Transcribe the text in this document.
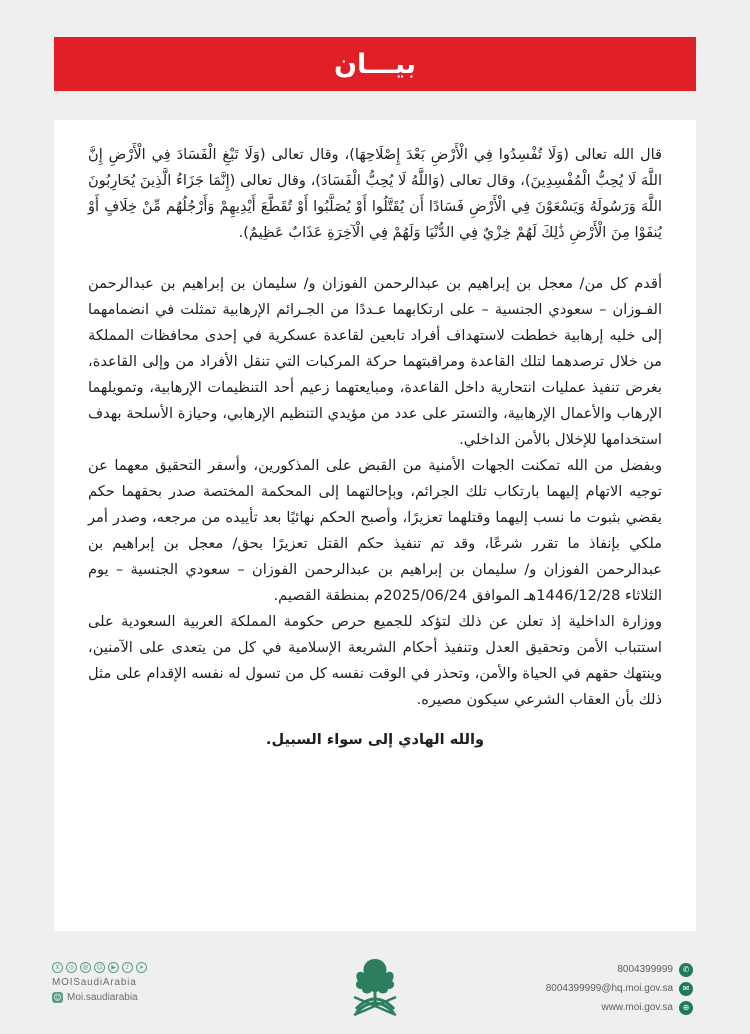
بيـــان

قال الله تعالى (وَلَا تُفْسِدُوا فِي الْأَرْضِ بَعْدَ إِصْلَاحِهَا)، وقال تعالى (وَلَا تَبْغِ الْفَسَادَ فِي الْأَرْضِ إِنَّ اللَّهَ لَا يُحِبُّ الْمُفْسِدِينَ)، وقال تعالى (وَاللَّهُ لَا يُحِبُّ الْفَسَادَ)، وقال تعالى (إِنَّمَا جَزَاءُ الَّذِينَ يُحَارِبُونَ اللَّهَ وَرَسُولَهُ وَيَسْعَوْنَ فِي الْأَرْضِ فَسَادًا أَن يُقَتَّلُوا أَوْ يُصَلَّبُوا أَوْ تُقَطَّعَ أَيْدِيهِمْ وَأَرْجُلُهُم مِّنْ خِلَافٍ أَوْ يُنفَوْا مِنَ الْأَرْضِ ذَٰلِكَ لَهُمْ خِزْيٌ فِي الدُّنْيَا وَلَهُمْ فِي الْآخِرَةِ عَذَابٌ عَظِيمٌ).

أقدم كل من/ معجل بن إبراهيم بن عبدالرحمن الفوزان و/ سليمان بن إبراهيم بن عبدالرحمن الفـوزان – سعودي الجنسية – على ارتكابهما عـددًا من الجـرائم الإرهابية تمثلت في انضمامهما إلى خليه إرهابية خططت لاستهداف أفراد تابعين لقاعدة عسكرية في إحدى محافظات المملكة من خلال ترصدهما لتلك القاعدة ومراقبتهما حركة المركبات التي تنقل الأفراد من وإلى القاعدة، بغرض تنفيذ عمليات انتحارية داخل القاعدة، ومبايعتهما زعيم أحد التنظيمات الإرهابية، وتمويلهما الإرهاب والأعمال الإرهابية، والتستر على عدد من مؤيدي التنظيم الإرهابي، وحيازة الأسلحة بهدف استخدامها للإخلال بالأمن الداخلي.

وبفضل من الله تمكنت الجهات الأمنية من القبض على المذكورين، وأسفر التحقيق معهما عن توجيه الاتهام إليهما بارتكاب تلك الجرائم، وبإحالتهما إلى المحكمة المختصة صدر بحقهما حكم يقضي بثبوت ما نسب إليهما وقتلهما تعزيرًا، وأصبح الحكم نهائيًا بعد تأييده من مرجعه، وصدر أمر ملكي بإنفاذ ما تقرر شرعًا، وقد تم تنفيذ حكم القتل تعزيرًا بحق/ معجل بن إبراهيم بن عبدالرحمن الفوزان و/ سليمان بن إبراهيم بن عبدالرحمن الفوزان – سعودي الجنسية – يوم الثلاثاء 1446/12/28هـ الموافق 2025/06/24م بمنطقة القصيم.

ووزارة الداخلية إذ تعلن عن ذلك لتؤكد للجميع حرص حكومة المملكة العربية السعودية على استتباب الأمن وتحقيق العدل وتنفيذ أحكام الشريعة الإسلامية في كل من يتعدى على الآمنين، وينتهك حقهم في الحياة والأمن، وتحذر في الوقت نفسه كل من تسول له نفسه الإقدام على مثل ذلك بأن العقاب الشرعي سيكون مصيره.

والله الهادي إلى سواء السبيل.

X	◎	@	☺	▶	♪	➤
MOISaudiArabia
☺ Moi.saudiarabia
8004399999	✆
8004399999@hq.moi.gov.sa	✉
www.moi.gov.sa	⊕
